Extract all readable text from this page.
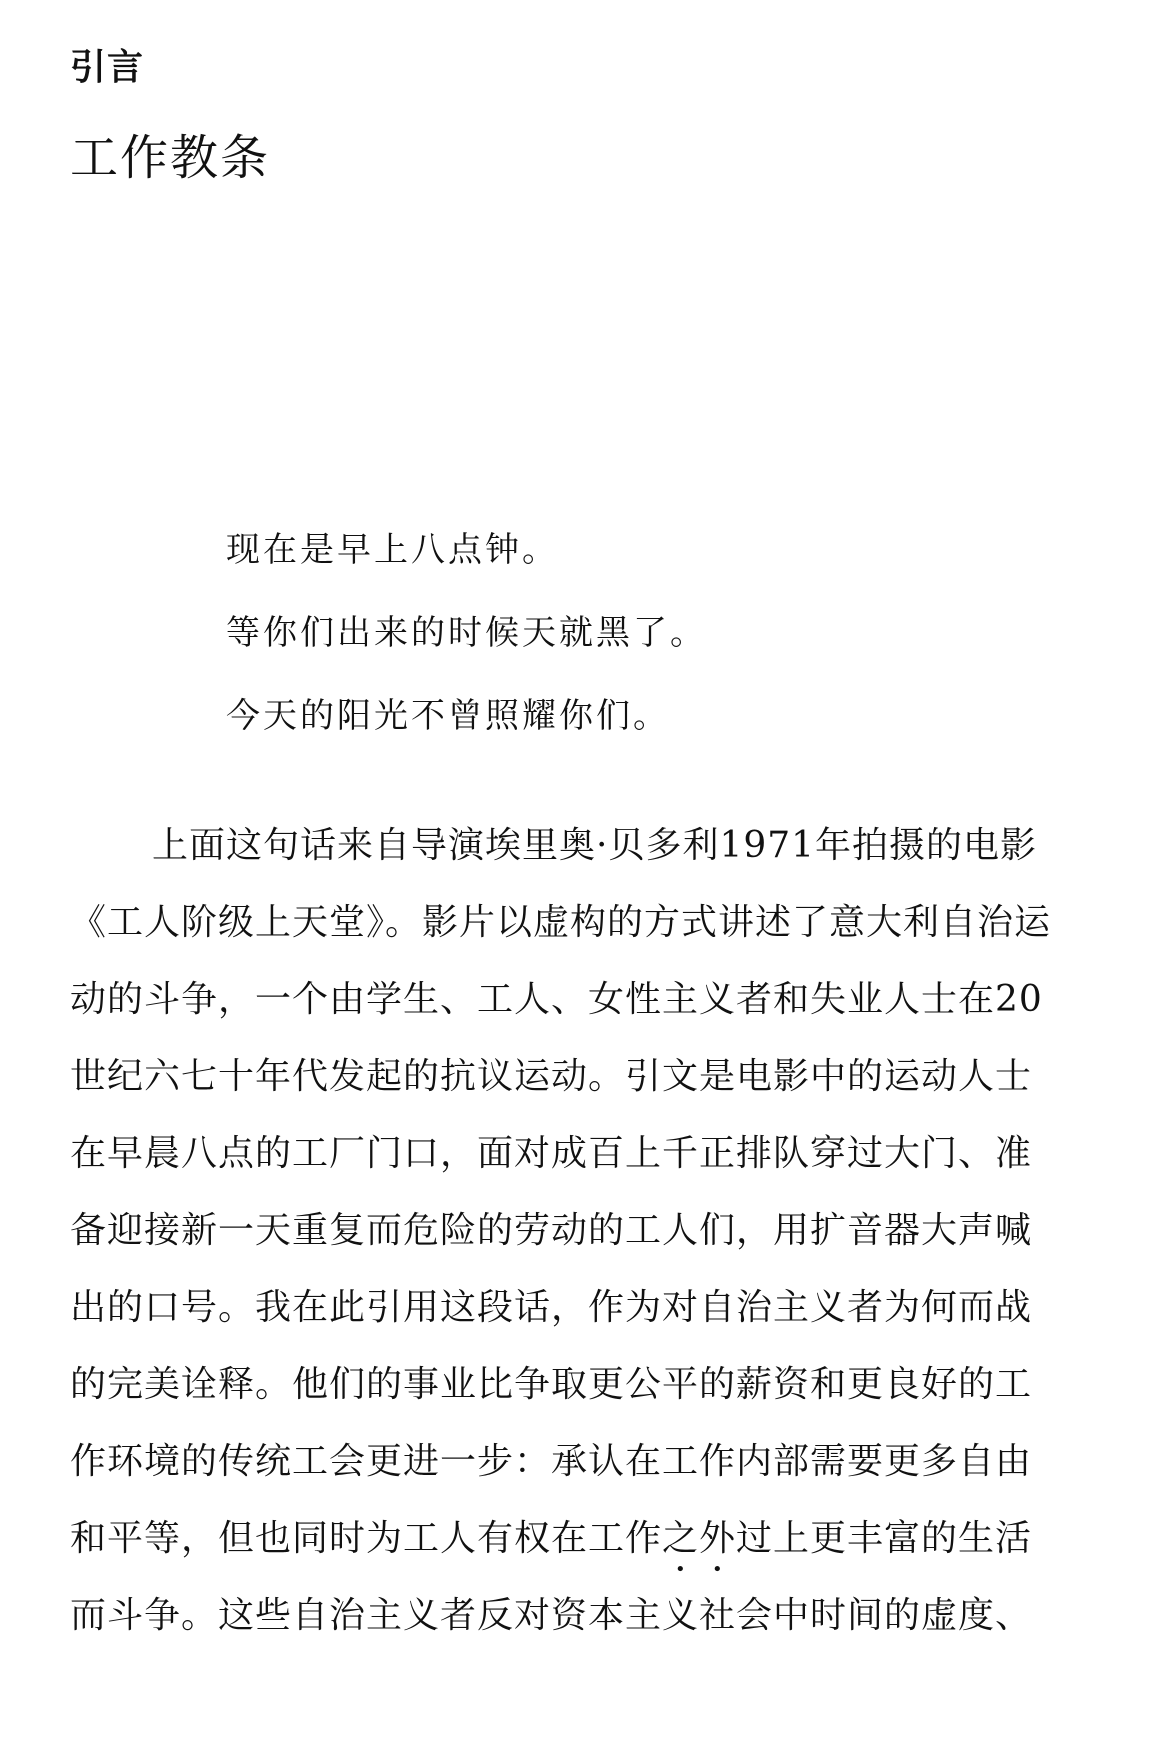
引言
工作教条
现在是早上八点钟。
等你们出来的时候天就黑了。
今天的阳光不曾照耀你们。
上面这句话来自导演埃里奥·贝多利1971年拍摄的电影
《工人阶级上天堂》。影片以虚构的方式讲述了意大利自治运
动的斗争，一个由学生、工人、女性主义者和失业人士在20
世纪六七十年代发起的抗议运动。引文是电影中的运动人士
在早晨八点的工厂门口，面对成百上千正排队穿过大门、准
备迎接新一天重复而危险的劳动的工人们，用扩音器大声喊
出的口号。我在此引用这段话，作为对自治主义者为何而战
的完美诠释。他们的事业比争取更公平的薪资和更良好的工
作环境的传统工会更进一步：承认在工作内部需要更多自由
和平等，但也同时为工人有权在工作之外过上更丰富的生活
而斗争。这些自治主义者反对资本主义社会中时间的虚度、
